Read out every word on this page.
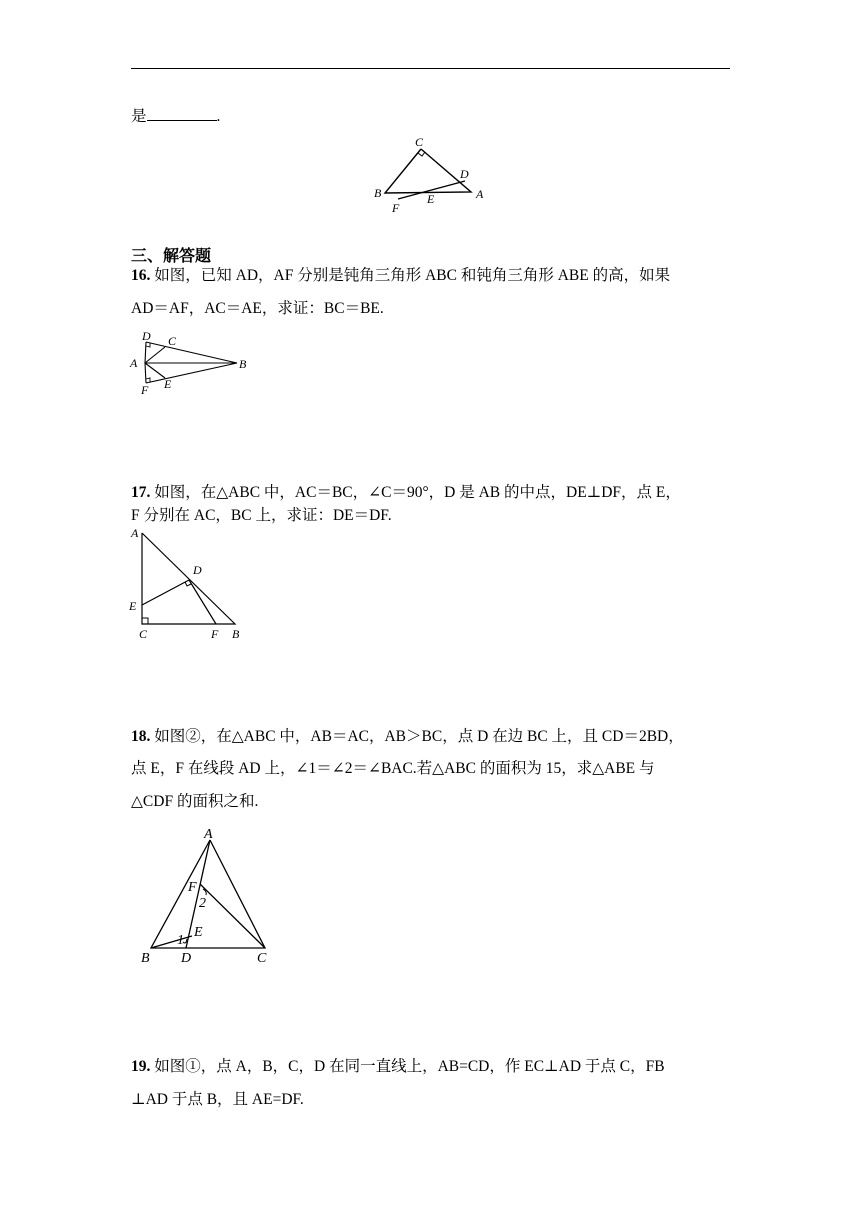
是	.
C
D
B	E	A
F
三、解答题
16. 如图，已知 AD，AF 分别是钝角三角形 ABC 和钝角三角形 ABE 的高，如果
AD＝AF，AC＝AE，求证：BC＝BE.
D C
A	B
F E
17. 如图，在△ABC 中，AC＝BC，∠C＝90°，D 是 AB 的中点，DE⊥DF，点 E，
F 分别在 AC，BC 上，求证：DE＝DF.
A
D
E
C	F B
18. 如图②，在△ABC 中，AB＝AC，AB＞BC，点 D 在边 BC 上，且 CD＝2BD，
点 E，F 在线段 AD 上，∠1＝∠2＝∠BAC.若△ABC 的面积为 15，求△ABE 与
△CDF 的面积之和.
A
F
2
E
1
B D	C
19. 如图①，点 A，B，C，D 在同一直线上，AB=CD，作 EC⊥AD 于点 C，FB
⊥AD 于点 B，且 AE=DF.
